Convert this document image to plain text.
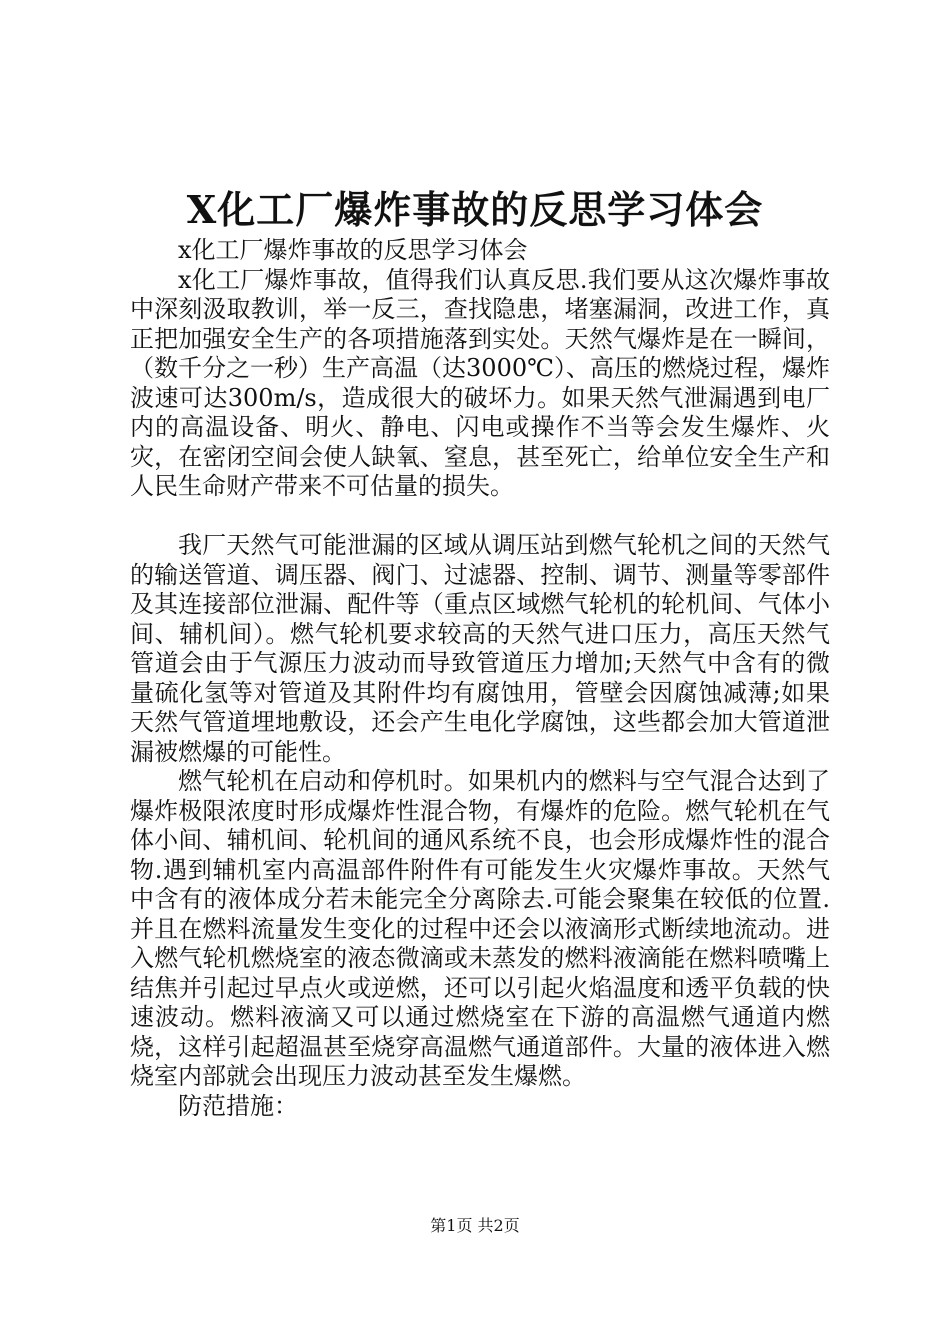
X化工厂爆炸事故的反思学习体会

x化工厂爆炸事故的反思学习体会

x化工厂爆炸事故，值得我们认真反思.我们要从这次爆炸事故中深刻汲取教训，举一反三，查找隐患，堵塞漏洞，改进工作，真正把加强安全生产的各项措施落到实处。天然气爆炸是在一瞬间，（数千分之一秒）生产高温（达3000℃）、高压的燃烧过程，爆炸波速可达300m/s，造成很大的破坏力。如果天然气泄漏遇到电厂内的高温设备、明火、静电、闪电或操作不当等会发生爆炸、火灾，在密闭空间会使人缺氧、窒息，甚至死亡，给单位安全生产和人民生命财产带来不可估量的损失。

我厂天然气可能泄漏的区域从调压站到燃气轮机之间的天然气的输送管道、调压器、阀门、过滤器、控制、调节、测量等零部件及其连接部位泄漏、配件等（重点区域燃气轮机的轮机间、气体小间、辅机间）。燃气轮机要求较高的天然气进口压力，高压天然气管道会由于气源压力波动而导致管道压力增加;天然气中含有的微量硫化氢等对管道及其附件均有腐蚀用，管壁会因腐蚀减薄;如果天然气管道埋地敷设，还会产生电化学腐蚀，这些都会加大管道泄漏被燃爆的可能性。

燃气轮机在启动和停机时。如果机内的燃料与空气混合达到了爆炸极限浓度时形成爆炸性混合物，有爆炸的危险。燃气轮机在气体小间、辅机间、轮机间的通风系统不良，也会形成爆炸性的混合物.遇到辅机室内高温部件附件有可能发生火灾爆炸事故。天然气中含有的液体成分若未能完全分离除去.可能会聚集在较低的位置.并且在燃料流量发生变化的过程中还会以液滴形式断续地流动。进入燃气轮机燃烧室的液态微滴或未蒸发的燃料液滴能在燃料喷嘴上结焦并引起过早点火或逆燃，还可以引起火焰温度和透平负载的快速波动。燃料液滴又可以通过燃烧室在下游的高温燃气通道内燃烧，这样引起超温甚至烧穿高温燃气通道部件。大量的液体进入燃烧室内部就会出现压力波动甚至发生爆燃。

防范措施：

第1页 共2页
